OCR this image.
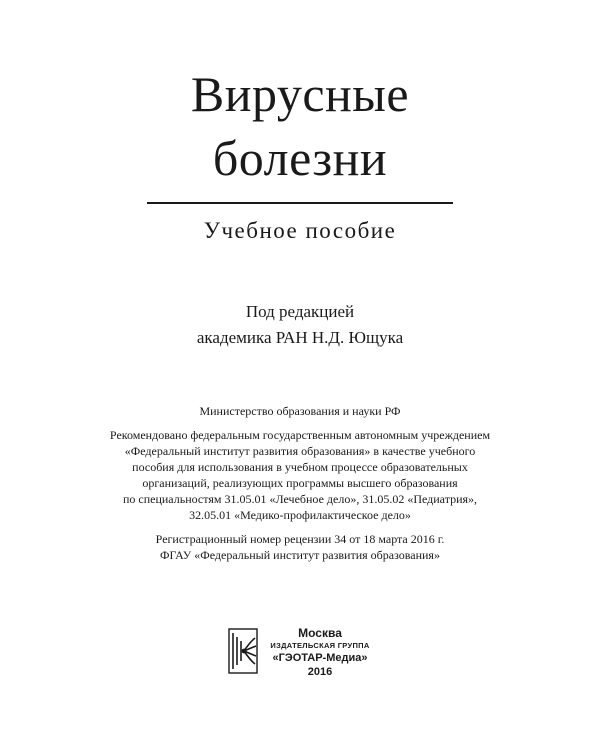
Вирусные
болезни
Учебное пособие
Под редакцией
академика РАН Н.Д. Ющука
Министерство образования и науки РФ
Рекомендовано федеральным государственным автономным учреждением
«Федеральный институт развития образования» в качестве учебного
пособия для использования в учебном процессе образовательных
организаций, реализующих программы высшего образования
по специальностям 31.05.01 «Лечебное дело», 31.05.02 «Педиатрия»,
32.05.01 «Медико-профилактическое дело»
Регистрационный номер рецензии 34 от 18 марта 2016 г.
ФГАУ «Федеральный институт развития образования»
Москва
ИЗДАТЕЛЬСКАЯ ГРУППА
«ГЭОТАР-Медиа»
2016
